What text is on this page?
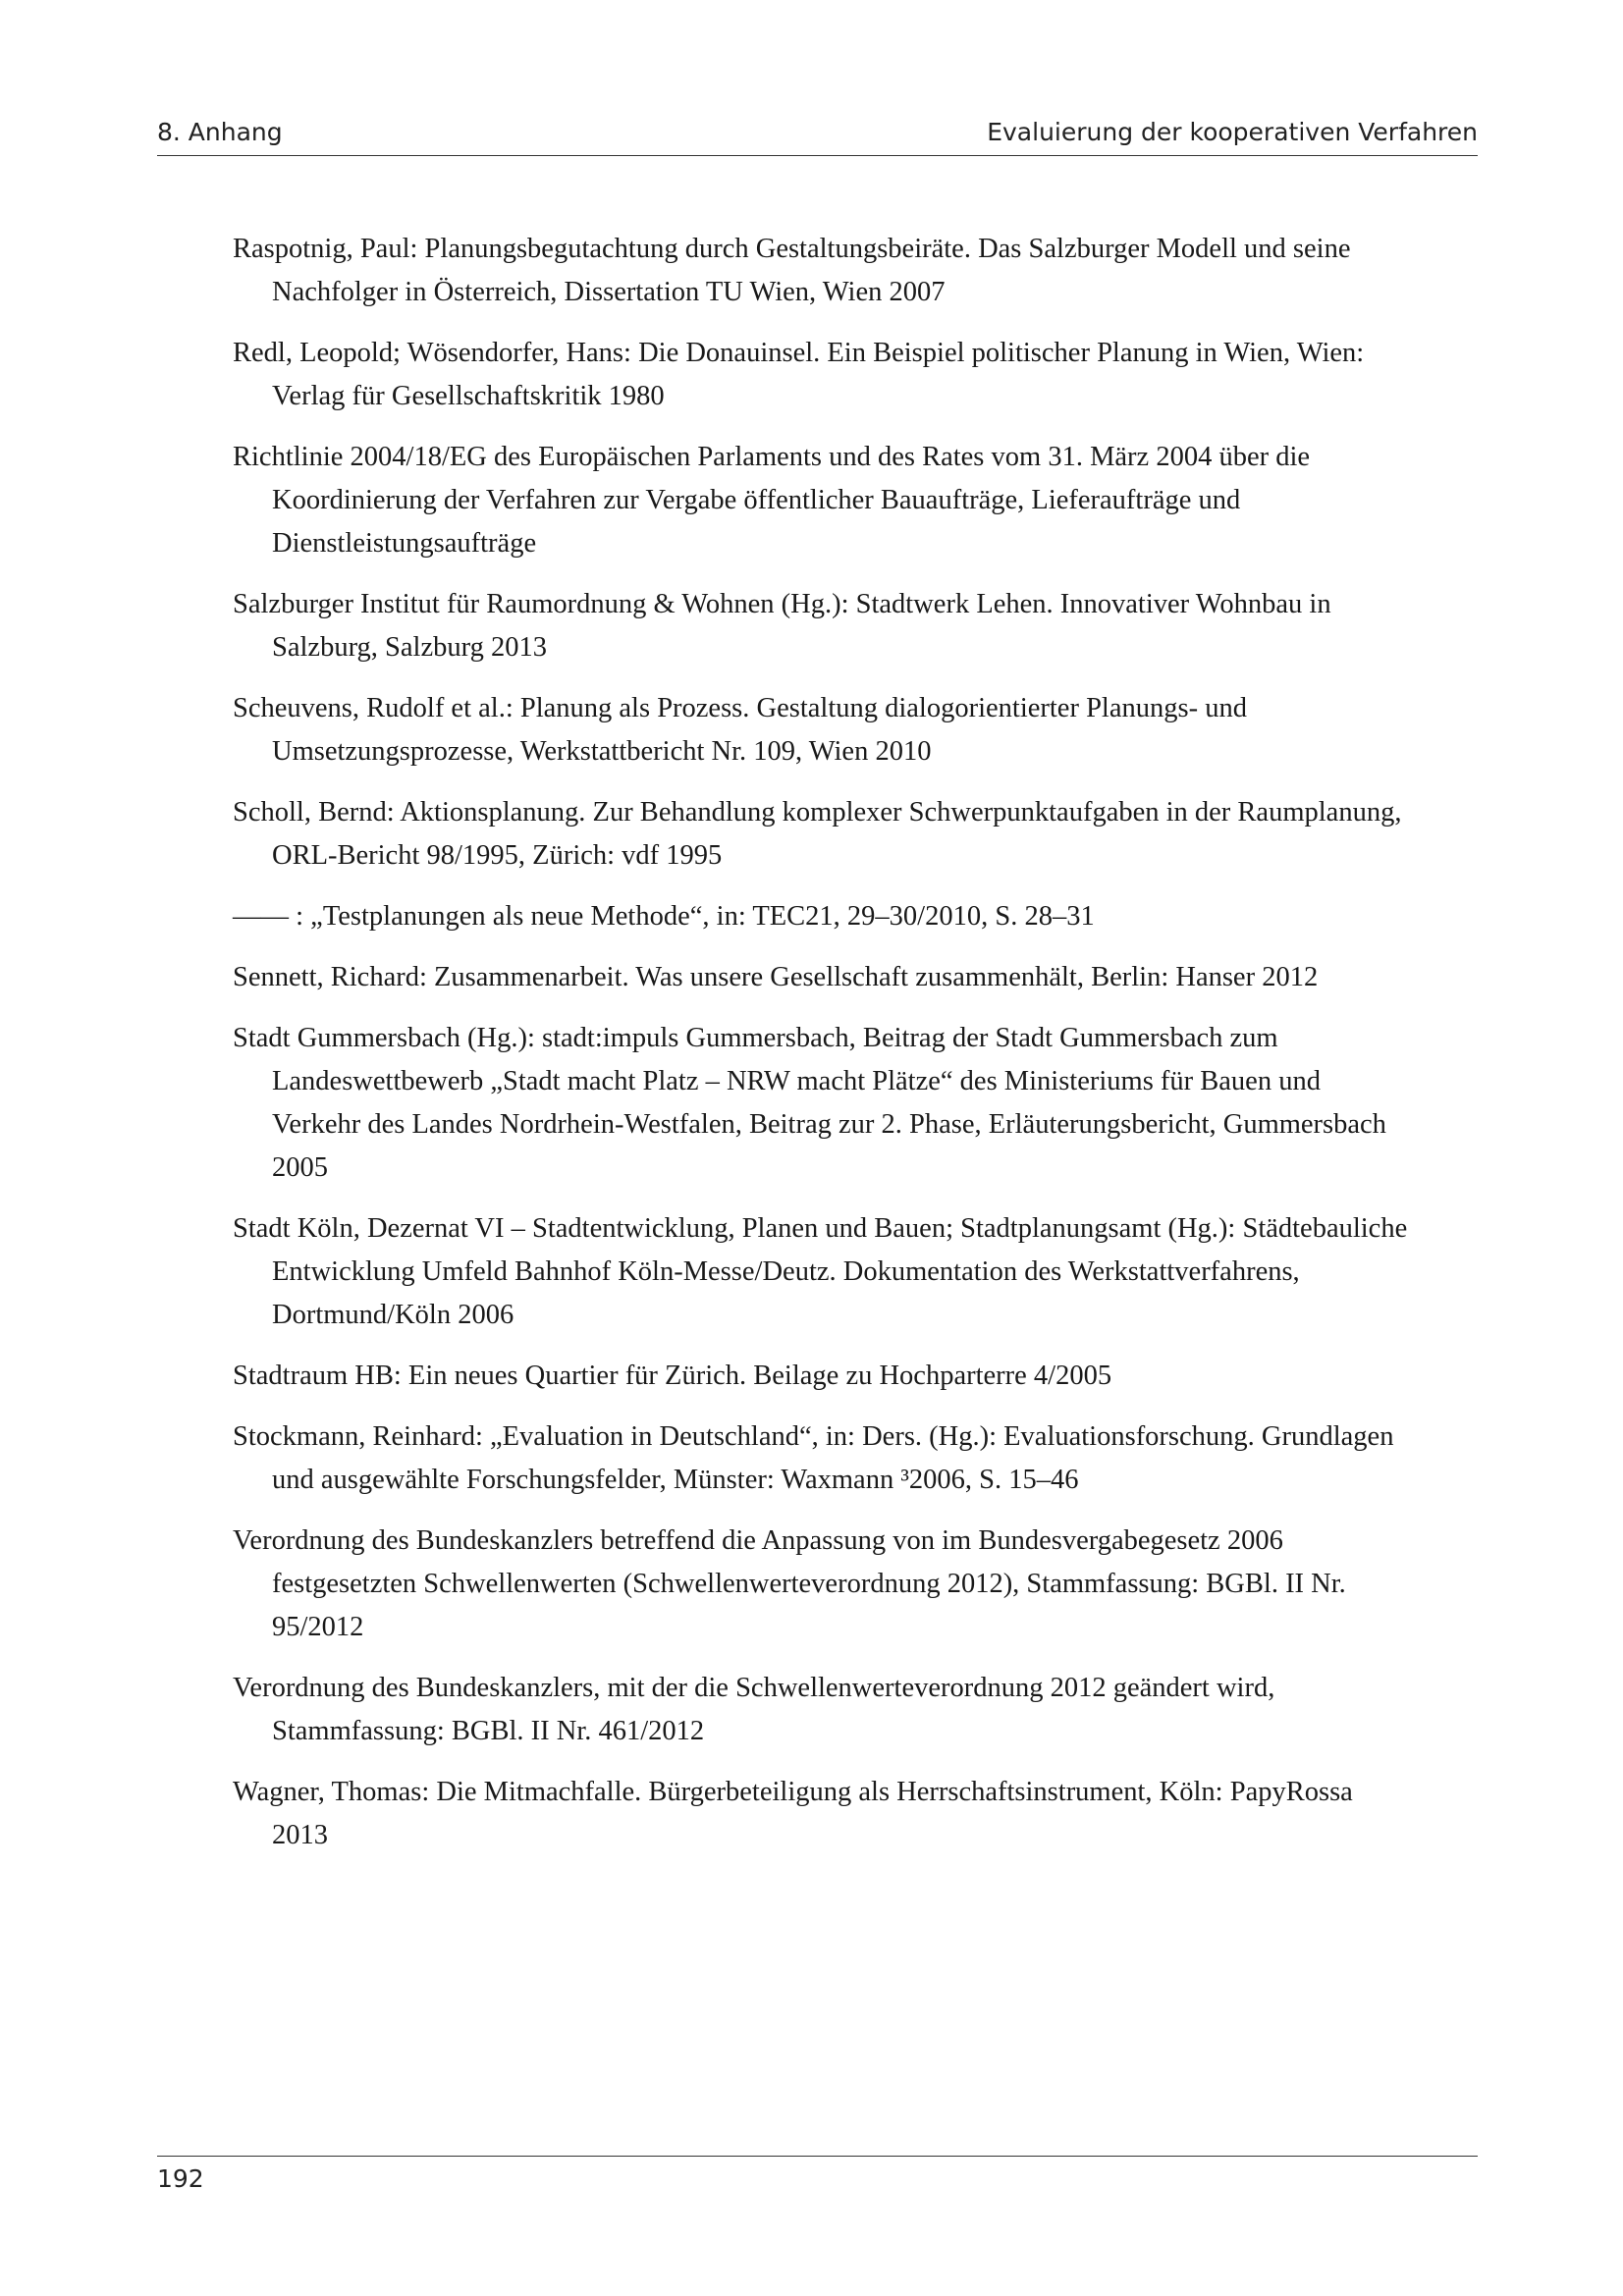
8. Anhang	Evaluierung der kooperativen Verfahren

Raspotnig, Paul: Planungsbegutachtung durch Gestaltungsbeiräte. Das Salzburger Modell und seine Nachfolger in Österreich, Dissertation TU Wien, Wien 2007

Redl, Leopold; Wösendorfer, Hans: Die Donauinsel. Ein Beispiel politischer Planung in Wien, Wien: Verlag für Gesellschaftskritik 1980

Richtlinie 2004/18/EG des Europäischen Parlaments und des Rates vom 31. März 2004 über die Koordinierung der Verfahren zur Vergabe öffentlicher Bauaufträge, Lieferaufträge und Dienstleistungsaufträge

Salzburger Institut für Raumordnung & Wohnen (Hg.): Stadtwerk Lehen. Innovativer Wohnbau in Salzburg, Salzburg 2013

Scheuvens, Rudolf et al.: Planung als Prozess. Gestaltung dialogorientierter Planungs- und Umsetzungsprozesse, Werkstattbericht Nr. 109, Wien 2010

Scholl, Bernd: Aktionsplanung. Zur Behandlung komplexer Schwerpunktaufgaben in der Raumplanung, ORL-Bericht 98/1995, Zürich: vdf 1995

—— : „Testplanungen als neue Methode“, in: TEC21, 29–30/2010, S. 28–31

Sennett, Richard: Zusammenarbeit. Was unsere Gesellschaft zusammenhält, Berlin: Hanser 2012

Stadt Gummersbach (Hg.): stadt:impuls Gummersbach, Beitrag der Stadt Gummersbach zum Landeswettbewerb „Stadt macht Platz – NRW macht Plätze“ des Ministeriums für Bauen und Verkehr des Landes Nordrhein-Westfalen, Beitrag zur 2. Phase, Erläuterungsbericht, Gummersbach 2005

Stadt Köln, Dezernat VI – Stadtentwicklung, Planen und Bauen; Stadtplanungsamt (Hg.): Städtebauliche Entwicklung Umfeld Bahnhof Köln-Messe/Deutz. Dokumentation des Werkstattverfahrens, Dortmund/Köln 2006

Stadtraum HB: Ein neues Quartier für Zürich. Beilage zu Hochparterre 4/2005

Stockmann, Reinhard: „Evaluation in Deutschland“, in: Ders. (Hg.): Evaluationsforschung. Grundlagen und ausgewählte Forschungsfelder, Münster: Waxmann ³2006, S. 15–46

Verordnung des Bundeskanzlers betreffend die Anpassung von im Bundesvergabegesetz 2006 festgesetzten Schwellenwerten (Schwellenwerteverordnung 2012), Stammfassung: BGBl. II Nr. 95/2012

Verordnung des Bundeskanzlers, mit der die Schwellenwerteverordnung 2012 geändert wird, Stammfassung: BGBl. II Nr. 461/2012

Wagner, Thomas: Die Mitmachfalle. Bürgerbeteiligung als Herrschaftsinstrument, Köln: PapyRossa 2013

192
